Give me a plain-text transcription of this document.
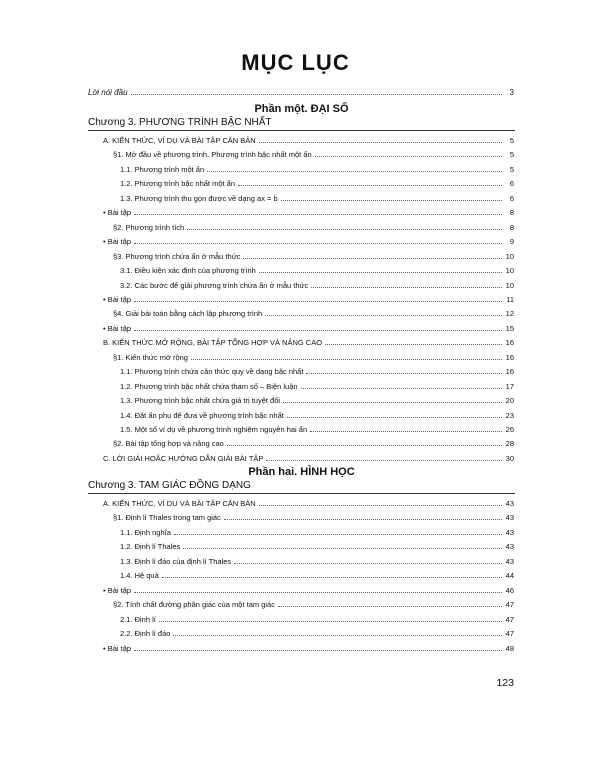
MỤC LỤC
Lời nói đầu	3
Phần một. ĐẠI SỐ
Chương 3. PHƯƠNG TRÌNH BẬC NHẤT
A. KIẾN THỨC, VÍ DỤ VÀ BÀI TẬP CĂN BẢN	5
§1. Mở đầu về phương trình. Phương trình bậc nhất một ẩn	5
1.1. Phương trình một ẩn	5
1.2. Phương trình bậc nhất một ẩn	6
1.3. Phương trình thu gọn được về dạng ax = b	6
• Bài tập	8
§2. Phương trình tích	8
• Bài tập	9
§3. Phương trình chứa ẩn ở mẫu thức	10
3.1. Điều kiện xác định của phương trình	10
3.2. Các bước để giải phương trình chứa ẩn ở mẫu thức	10
• Bài tập	11
§4. Giải bài toán bằng cách lập phương trình	12
• Bài tập	15
B. KIẾN THỨC MỞ RỘNG, BÀI TẬP TỔNG HỢP VÀ NÂNG CAO	16
§1. Kiến thức mở rộng	16
1.1. Phương trình chứa căn thức quy về dạng bậc nhất	16
1.2. Phương trình bậc nhất chứa tham số – Biện luận	17
1.3. Phương trình bậc nhất chứa giá trị tuyệt đối	20
1.4. Đặt ẩn phụ để đưa về phương trình bậc nhất	23
1.5. Một số ví dụ về phương trình nghiệm nguyên hai ẩn	26
§2. Bài tập tổng hợp và nâng cao	28
C. LỜI GIẢI HOẶC HƯỚNG DẪN GIẢI BÀI TẬP	30
Phần hai. HÌNH HỌC
Chương 3. TAM GIÁC ĐỒNG DẠNG
A. KIẾN THỨC, VÍ DỤ VÀ BÀI TẬP CĂN BẢN	43
§1. Định lí Thales trong tam giác	43
1.1. Định nghĩa	43
1.2. Định lí Thales	43
1.3. Định lí đảo của định lí Thales	43
1.4. Hệ quả	44
• Bài tập	46
§2. Tính chất đường phân giác của một tam giác	47
2.1. Định lí	47
2.2. Định lí đảo	47
• Bài tập	48
123
